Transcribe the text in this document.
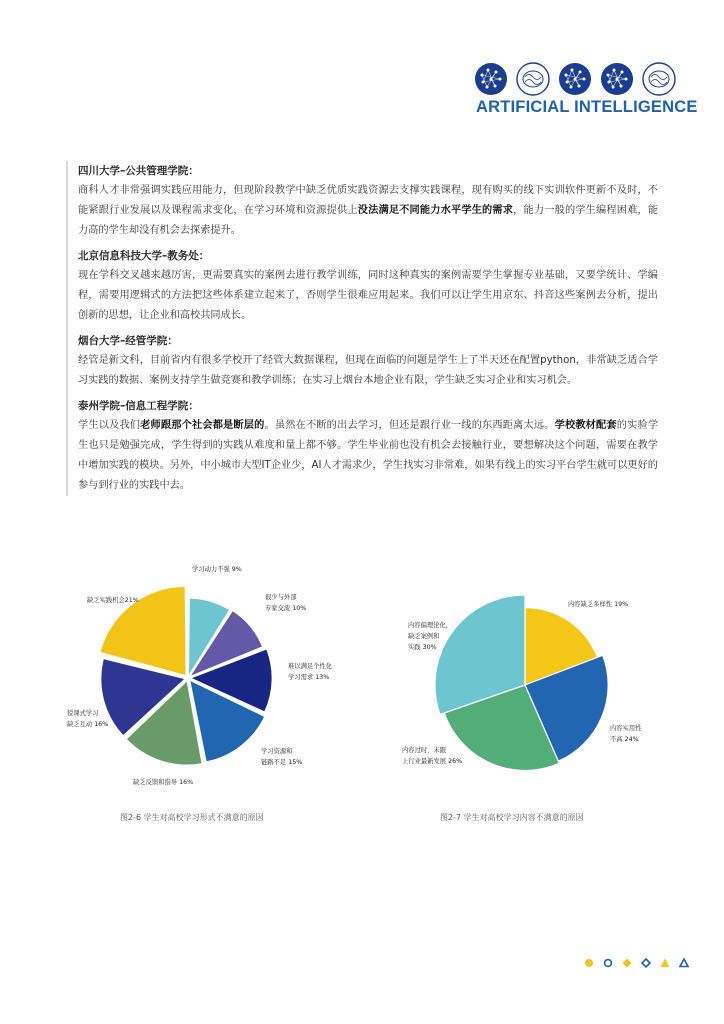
ARTIFICIAL INTELLIGENCE
四川大学–公共管理学院：
商科人才非常强调实践应用能力，但现阶段教学中缺乏优质实践资源去支撑实践课程，现有购买的线下实训软件更新不及时，不能紧跟行业发展以及课程需求变化，在学习环境和资源提供上没法满足不同能力水平学生的需求，能力一般的学生编程困难，能力高的学生却没有机会去探索提升。
北京信息科技大学–教务处：
现在学科交叉越来越厉害，更需要真实的案例去进行教学训练，同时这种真实的案例需要学生掌握专业基础，又要学统计、学编程，需要用逻辑式的方法把这些体系建立起来了，否则学生很难应用起来。我们可以让学生用京东、抖音这些案例去分析，提出创新的思想，让企业和高校共同成长。
烟台大学–经管学院：
经管是新文科，目前省内有很多学校开了经管大数据课程，但现在面临的问题是学生上了半天还在配置python，非常缺乏适合学习实践的数据、案例支持学生做竞赛和教学训练；在实习上烟台本地企业有限，学生缺乏实习企业和实习机会。
泰州学院–信息工程学院：
学生以及我们老师跟那个社会都是断层的。虽然在不断的出去学习，但还是跟行业一线的东西距离太远。学校教材配套的实验学生也只是勉强完成，学生得到的实践从难度和量上都不够。学生毕业前也没有机会去接触行业，要想解决这个问题，需要在教学中增加实践的模块。另外，中小城市大型IT企业少，AI人才需求少，学生找实习非常难，如果有线上的实习平台学生就可以更好的参与到行业的实践中去。
学习动力不强 9%
很少与外部专家交流 10%
难以满足个性化学习需求 13%
学习资源和链路不足 15%
缺乏反馈和指导 16%
授课式学习缺乏互动 16%
缺乏实践机会21%
图2-6 学生对高校学习形式不满意的原因
内容缺乏多样性 19%
内容实用性不高 24%
内容过时，未跟上行业最新发展 26%
内容偏理论化，缺乏案例和实践 30%
图2-7 学生对高校学习内容不满意的原因
